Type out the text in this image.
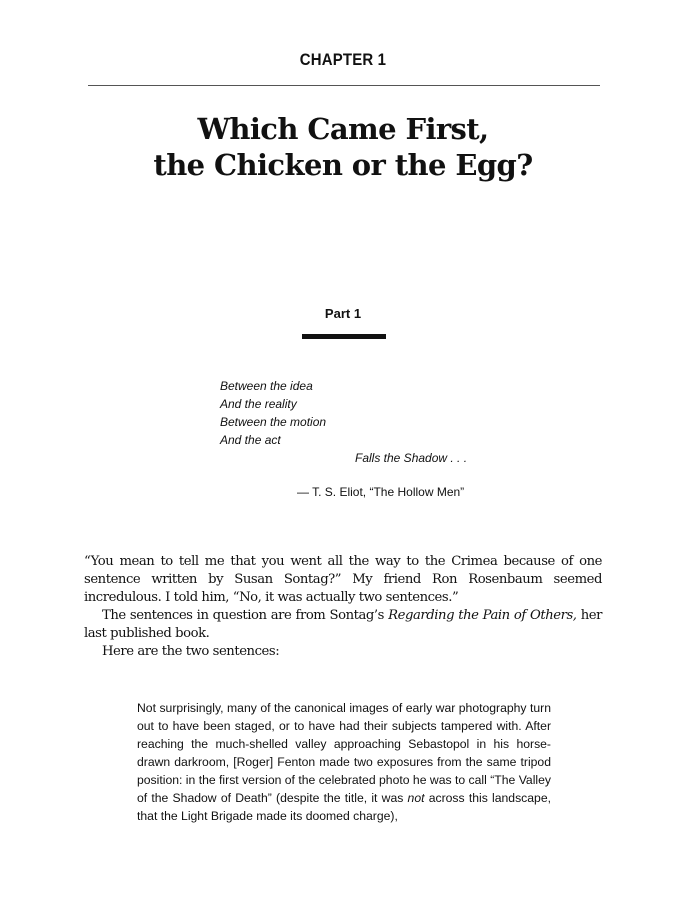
CHAPTER 1
Which Came First,
the Chicken or the Egg?
Part 1
Between the idea
And the reality
Between the motion
And the act
Falls the Shadow . . .
— T. S. Eliot, “The Hollow Men”

“You mean to tell me that you went all the way to the Crimea because of one sentence written by Susan Sontag?” My friend Ron Rosenbaum seemed incredulous. I told him, “No, it was actually two sentences.”

The sentences in question are from Sontag’s Regarding the Pain of Others, her last published book.

Here are the two sentences:

Not surprisingly, many of the canonical images of early war photography turn out to have been staged, or to have had their subjects tampered with. After reaching the much-shelled valley approaching Sebastopol in his horse-drawn darkroom, [Roger] Fenton made two exposures from the same tripod position: in the first version of the celebrated photo he was to call “The Valley of the Shadow of Death” (despite the title, it was not across this landscape, that the Light Brigade made its doomed charge),
